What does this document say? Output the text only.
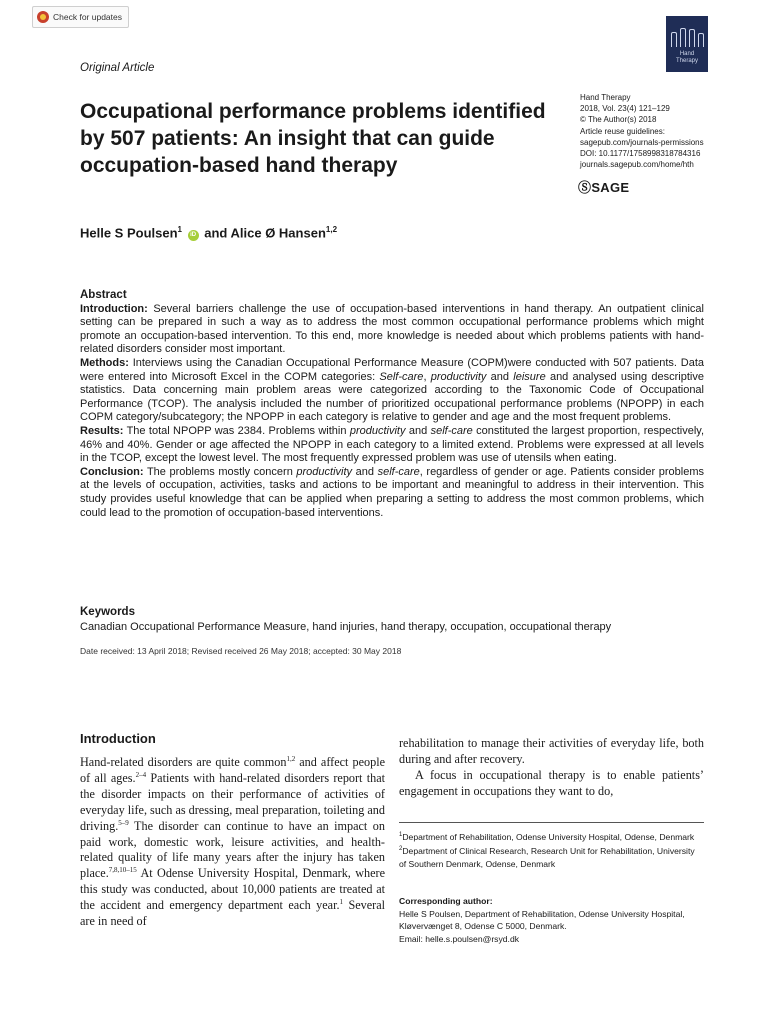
Check for updates
Hand
Therapy
Original Article
Occupational performance problems identified by 507 patients: An insight that can guide occupation-based hand therapy
Hand Therapy
2018, Vol. 23(4) 121–129
© The Author(s) 2018
Article reuse guidelines:
sagepub.com/journals-permissions
DOI: 10.1177/1758998318784316
journals.sagepub.com/home/hth
ⓈSAGE
Helle S Poulsen$^1$ iD and Alice Ø Hansen$^{1,2}$
Abstract

Introduction: Several barriers challenge the use of occupation-based interventions in hand therapy. An outpatient clinical setting can be prepared in such a way as to address the most common occupational performance problems which might promote an occupation-based intervention. To this end, more knowledge is needed about which problems patients with hand-related disorders consider most important.

Methods: Interviews using the Canadian Occupational Performance Measure (COPM)were conducted with 507 patients. Data were entered into Microsoft Excel in the COPM categories: Self-care, productivity and leisure and analysed using descriptive statistics. Data concerning main problem areas were categorized according to the Taxonomic Code of Occupational Performance (TCOP). The analysis included the number of prioritized occupational performance problems (NPOPP) in each COPM category/subcategory; the NPOPP in each category is relative to gender and age and the most frequent problems.

Results: The total NPOPP was 2384. Problems within productivity and self-care constituted the largest proportion, respectively, 46% and 40%. Gender or age affected the NPOPP in each category to a limited extend. Problems were expressed at all levels in the TCOP, except the lowest level. The most frequently expressed problem was use of utensils when eating.

Conclusion: The problems mostly concern productivity and self-care, regardless of gender or age. Patients consider problems at the levels of occupation, activities, tasks and actions to be important and meaningful to address in their intervention. This study provides useful knowledge that can be applied when preparing a setting to address the most common problems, which could lead to the promotion of occupation-based interventions.

Keywords
Canadian Occupational Performance Measure, hand injuries, hand therapy, occupation, occupational therapy
Date received: 13 April 2018; Revised received 26 May 2018; accepted: 30 May 2018
Introduction

Hand-related disorders are quite common$^{1,2}$ and affect people of all ages.$^{2-4}$ Patients with hand-related disorders report that the disorder impacts on their performance of activities of everyday life, such as dressing, meal preparation, toileting and driving.$^{5-9}$ The disorder can continue to have an impact on paid work, domestic work, leisure activities, and health-related quality of life many years after the injury has taken place.$^{7,8,10-15}$ At Odense University Hospital, Denmark, where this study was conducted, about 10,000 patients are treated at the accident and emergency department each year.$^1$ Several are in need of

rehabilitation to manage their activities of everyday life, both during and after recovery.

A focus in occupational therapy is to enable patients’ engagement in occupations they want to do,

$^1$Department of Rehabilitation, Odense University Hospital, Odense, Denmark
$^2$Department of Clinical Research, Research Unit for Rehabilitation, University of Southern Denmark, Odense, Denmark
Corresponding author:
Helle S Poulsen, Department of Rehabilitation, Odense University Hospital, Kløvervænget 8, Odense C 5000, Denmark.
Email: helle.s.poulsen@rsyd.dk
